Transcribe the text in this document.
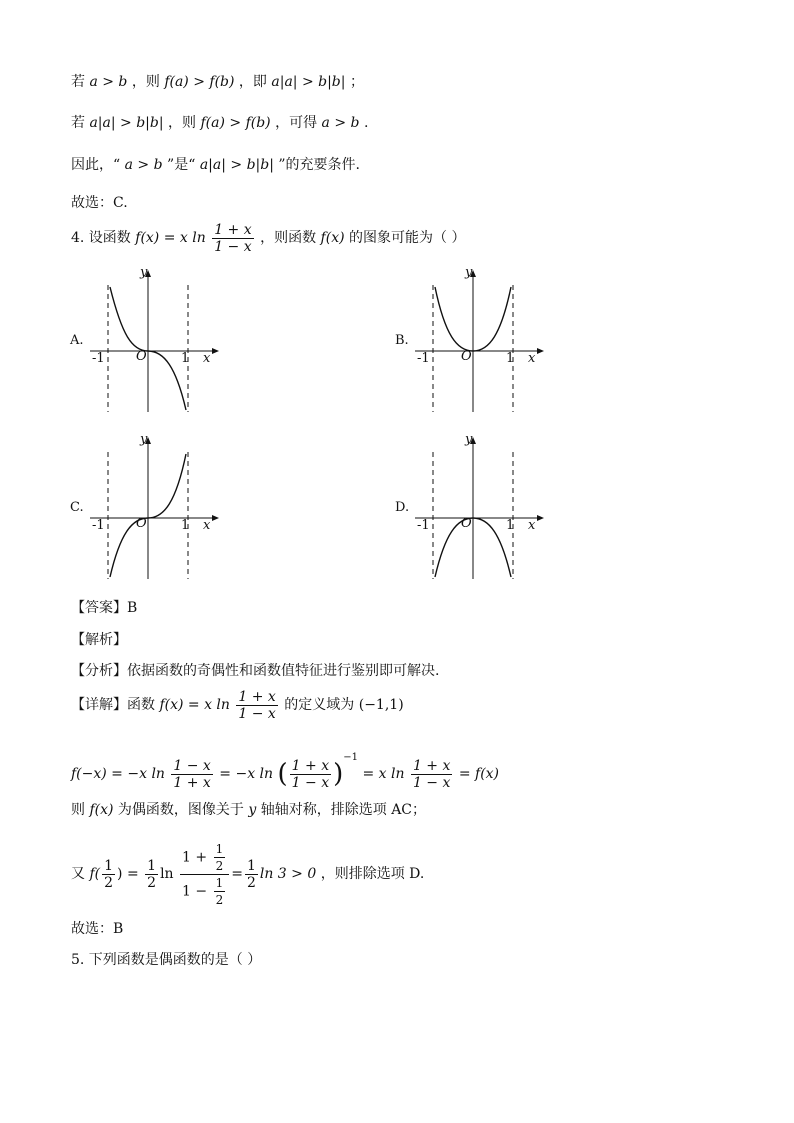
若 a > b ，则 f(a) > f(b) ，即 a|a| > b|b| ；
若 a|a| > b|b| ，则 f(a) > f(b) ，可得 a > b .
因此，“ a > b ”是“ a|a| > b|b| ”的充要条件.
故选：C.
4. 设函数 f(x) = x $\ln \frac{1 + x}{1 - x}$ ，则函数 f(x) 的图象可能为（ ）
A.
y
x
O
-1	1
B.
y
x
O
-1	1
C.
y
x
O
-1	1
D.
y
x
O
-1	1
【答案】B
【解析】
【分析】依据函数的奇偶性和函数值特征进行鉴别即可解决.
【详解】函数 f(x) = x $\ln \frac{1 + x}{1 - x}$ 的定义域为 (−1,1)
f(−x) = −x $\ln \frac{1 - x}{1 + x} = -x$ ln ( $\frac{1 + x}{1 - x} )^{-1} = x$ $\ln \frac{1 + x}{1 - x} = f(x)$
则 f(x) 为偶函数，图像关于 y 轴轴对称，排除选项 AC；
又 $f( \frac{1}{2}$ ) = $\frac{1}{2}$ $\ln \frac{1 + \frac{1}{2}}{1 - \frac{1}{2}} = \frac{1}{2}$ ln 3 > 0 ，则排除选项 D.
故选：B
5. 下列函数是偶函数的是（ ）
